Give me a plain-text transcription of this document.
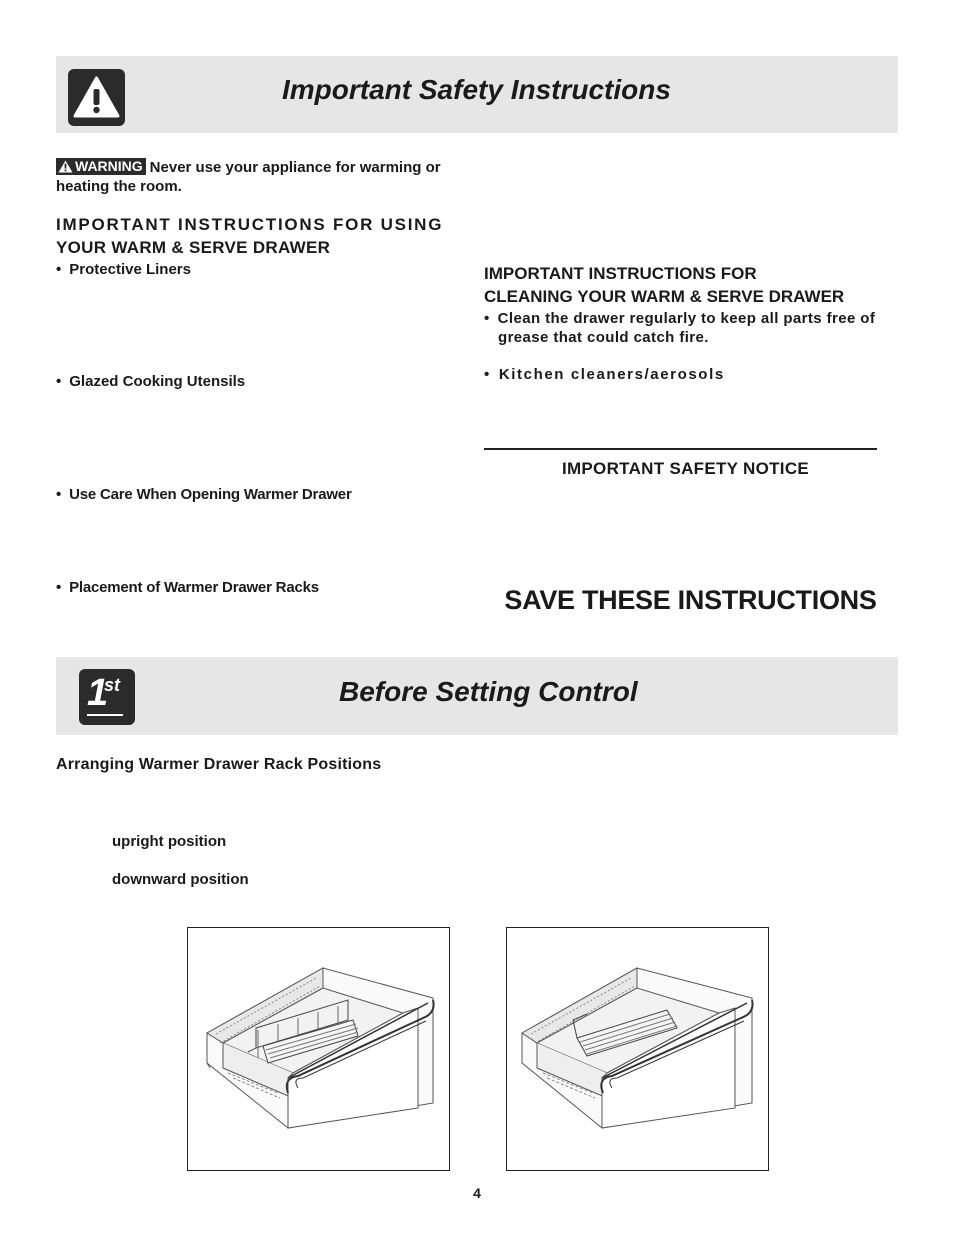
Important Safety Instructions
WARNING Never use your appliance for warming or
heating the room.
IMPORTANT INSTRUCTIONS FOR USING
YOUR WARM & SERVE DRAWER
• Protective Liners
• Glazed Cooking Utensils
• Use Care When Opening Warmer Drawer
• Placement of Warmer Drawer Racks
IMPORTANT INSTRUCTIONS FOR
CLEANING YOUR WARM & SERVE DRAWER
• Clean the drawer regularly to keep all parts free of
grease that could catch fire.
• Kitchen cleaners/aerosols
IMPORTANT SAFETY NOTICE
SAVE THESE INSTRUCTIONS
1
st	Before Setting Control
Arranging Warmer Drawer Rack Positions
upright position
downward position
4
